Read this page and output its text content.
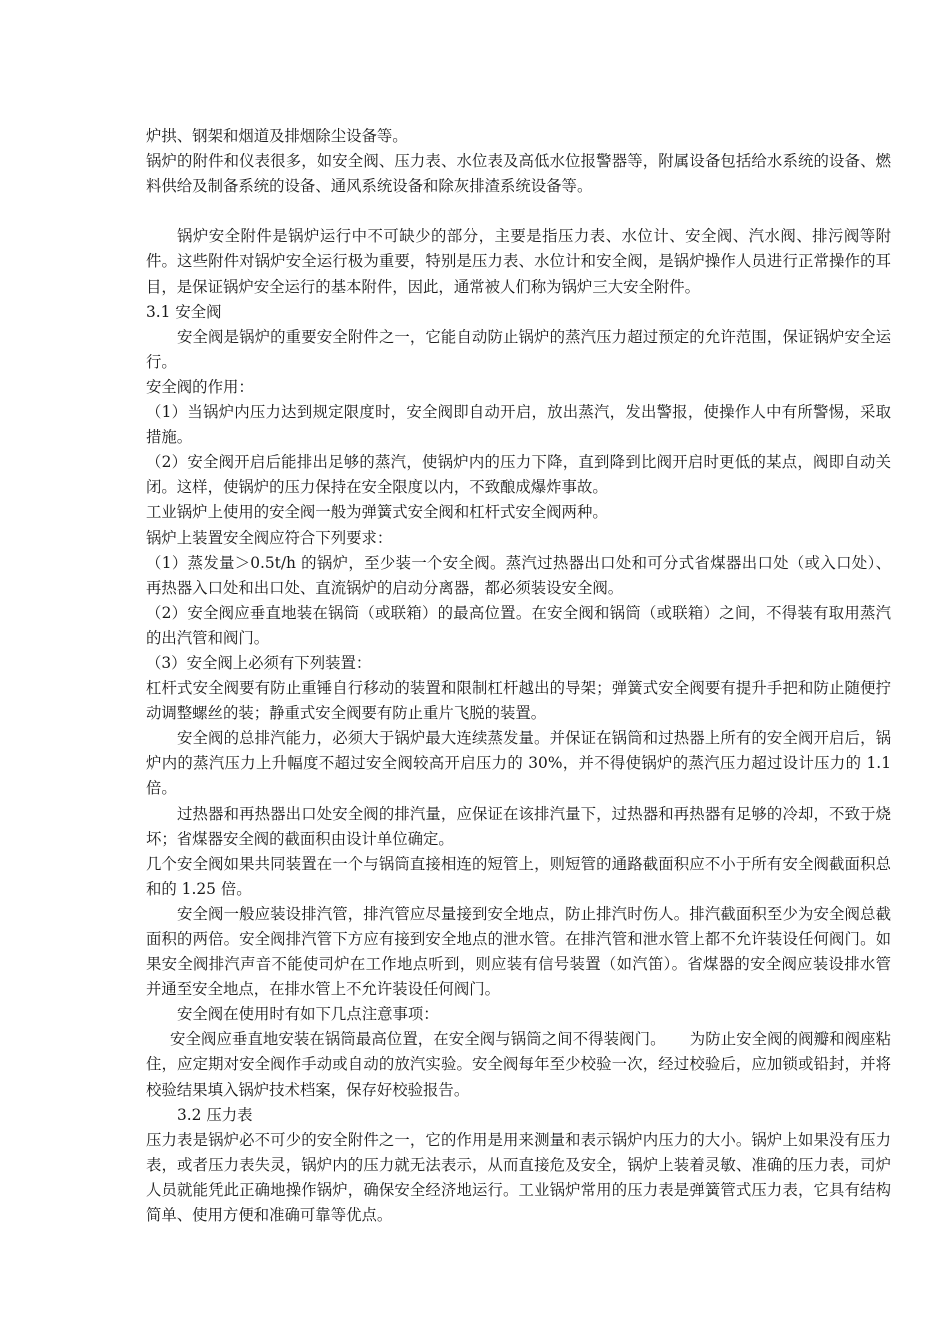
炉拱、钢架和烟道及排烟除尘设备等。

锅炉的附件和仪表很多，如安全阀、压力表、水位表及高低水位报警器等，附属设备包括给水系统的设备、燃料供给及制备系统的设备、通风系统设备和除灰排渣系统设备等。

锅炉安全附件是锅炉运行中不可缺少的部分，主要是指压力表、水位计、安全阀、汽水阀、排污阀等附件。这些附件对锅炉安全运行极为重要，特别是压力表、水位计和安全阀，是锅炉操作人员进行正常操作的耳目，是保证锅炉安全运行的基本附件，因此，通常被人们称为锅炉三大安全附件。

3.1 安全阀

安全阀是锅炉的重要安全附件之一，它能自动防止锅炉的蒸汽压力超过预定的允许范围，保证锅炉安全运行。

安全阀的作用：

（1）当锅炉内压力达到规定限度时，安全阀即自动开启，放出蒸汽，发出警报，使操作人中有所警惕，采取措施。

（2）安全阀开启后能排出足够的蒸汽，使锅炉内的压力下降，直到降到比阀开启时更低的某点，阀即自动关闭。这样，使锅炉的压力保持在安全限度以内，不致酿成爆炸事故。

工业锅炉上使用的安全阀一般为弹簧式安全阀和杠杆式安全阀两种。

锅炉上装置安全阀应符合下列要求：

（1）蒸发量＞0.5t/h 的锅炉，至少装一个安全阀。蒸汽过热器出口处和可分式省煤器出口处（或入口处）、再热器入口处和出口处、直流锅炉的启动分离器，都必须装设安全阀。

（2）安全阀应垂直地装在锅筒（或联箱）的最高位置。在安全阀和锅筒（或联箱）之间，不得装有取用蒸汽的出汽管和阀门。

（3）安全阀上必须有下列装置：

杠杆式安全阀要有防止重锤自行移动的装置和限制杠杆越出的导架；弹簧式安全阀要有提升手把和防止随便拧动调整螺丝的装；静重式安全阀要有防止重片飞脱的装置。

安全阀的总排汽能力，必须大于锅炉最大连续蒸发量。并保证在锅筒和过热器上所有的安全阀开启后，锅炉内的蒸汽压力上升幅度不超过安全阀较高开启压力的 30%，并不得使锅炉的蒸汽压力超过设计压力的 1.1 倍。

过热器和再热器出口处安全阀的排汽量，应保证在该排汽量下，过热器和再热器有足够的冷却，不致于烧坏；省煤器安全阀的截面积由设计单位确定。

几个安全阀如果共同装置在一个与锅筒直接相连的短管上，则短管的通路截面积应不小于所有安全阀截面积总和的 1.25 倍。

安全阀一般应装设排汽管，排汽管应尽量接到安全地点，防止排汽时伤人。排汽截面积至少为安全阀总截面积的两倍。安全阀排汽管下方应有接到安全地点的泄水管。在排汽管和泄水管上都不允许装设任何阀门。如果安全阀排汽声音不能使司炉在工作地点听到，则应装有信号装置（如汽笛）。省煤器的安全阀应装设排水管并通至安全地点，在排水管上不允许装设任何阀门。

安全阀在使用时有如下几点注意事项：

安全阀应垂直地安装在锅筒最高位置，在安全阀与锅筒之间不得装阀门。 为防止安全阀的阀瓣和阀座粘住，应定期对安全阀作手动或自动的放汽实验。安全阀每年至少校验一次，经过校验后，应加锁或铅封，并将校验结果填入锅炉技术档案，保存好校验报告。

3.2 压力表

压力表是锅炉必不可少的安全附件之一，它的作用是用来测量和表示锅炉内压力的大小。锅炉上如果没有压力表，或者压力表失灵，锅炉内的压力就无法表示，从而直接危及安全，锅炉上装着灵敏、准确的压力表，司炉人员就能凭此正确地操作锅炉，确保安全经济地运行。工业锅炉常用的压力表是弹簧管式压力表，它具有结构简单、使用方便和准确可靠等优点。
